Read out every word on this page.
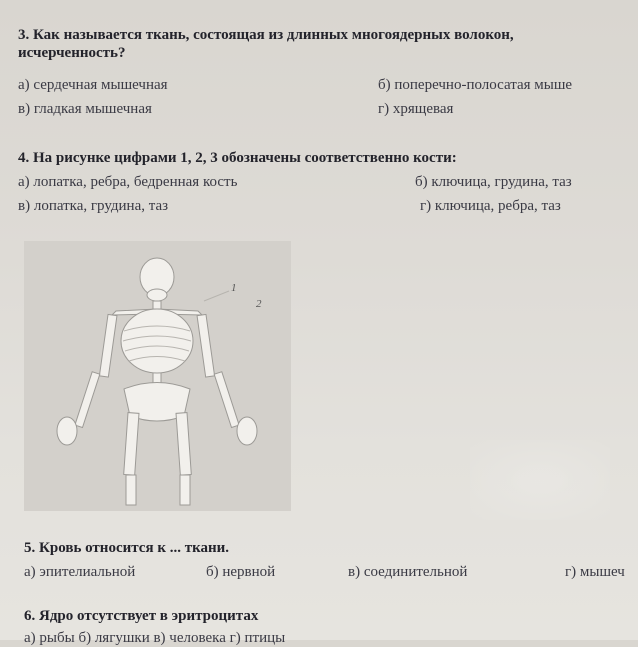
3. Как называется ткань, состоящая из длинных многоядерных волокон,
исчерченность?
а) сердечная мышечная	б) поперечно-полосатая мыше
в) гладкая мышечная	г) хрящевая
4. На рисунке цифрами 1, 2, 3 обозначены соответственно кости:
а) лопатка, ребра, бедренная кость	б) ключица, грудина, таз
в) лопатка, грудина, таз	г) ключица, ребра, таз
1
2
5. Кровь относится к ... ткани.
а) эпителиальной	б) нервной	в) соединительной	г) мышеч
6. Ядро отсутствует в эритроцитах
а) рыбы б) лягушки в) человека г) птицы
